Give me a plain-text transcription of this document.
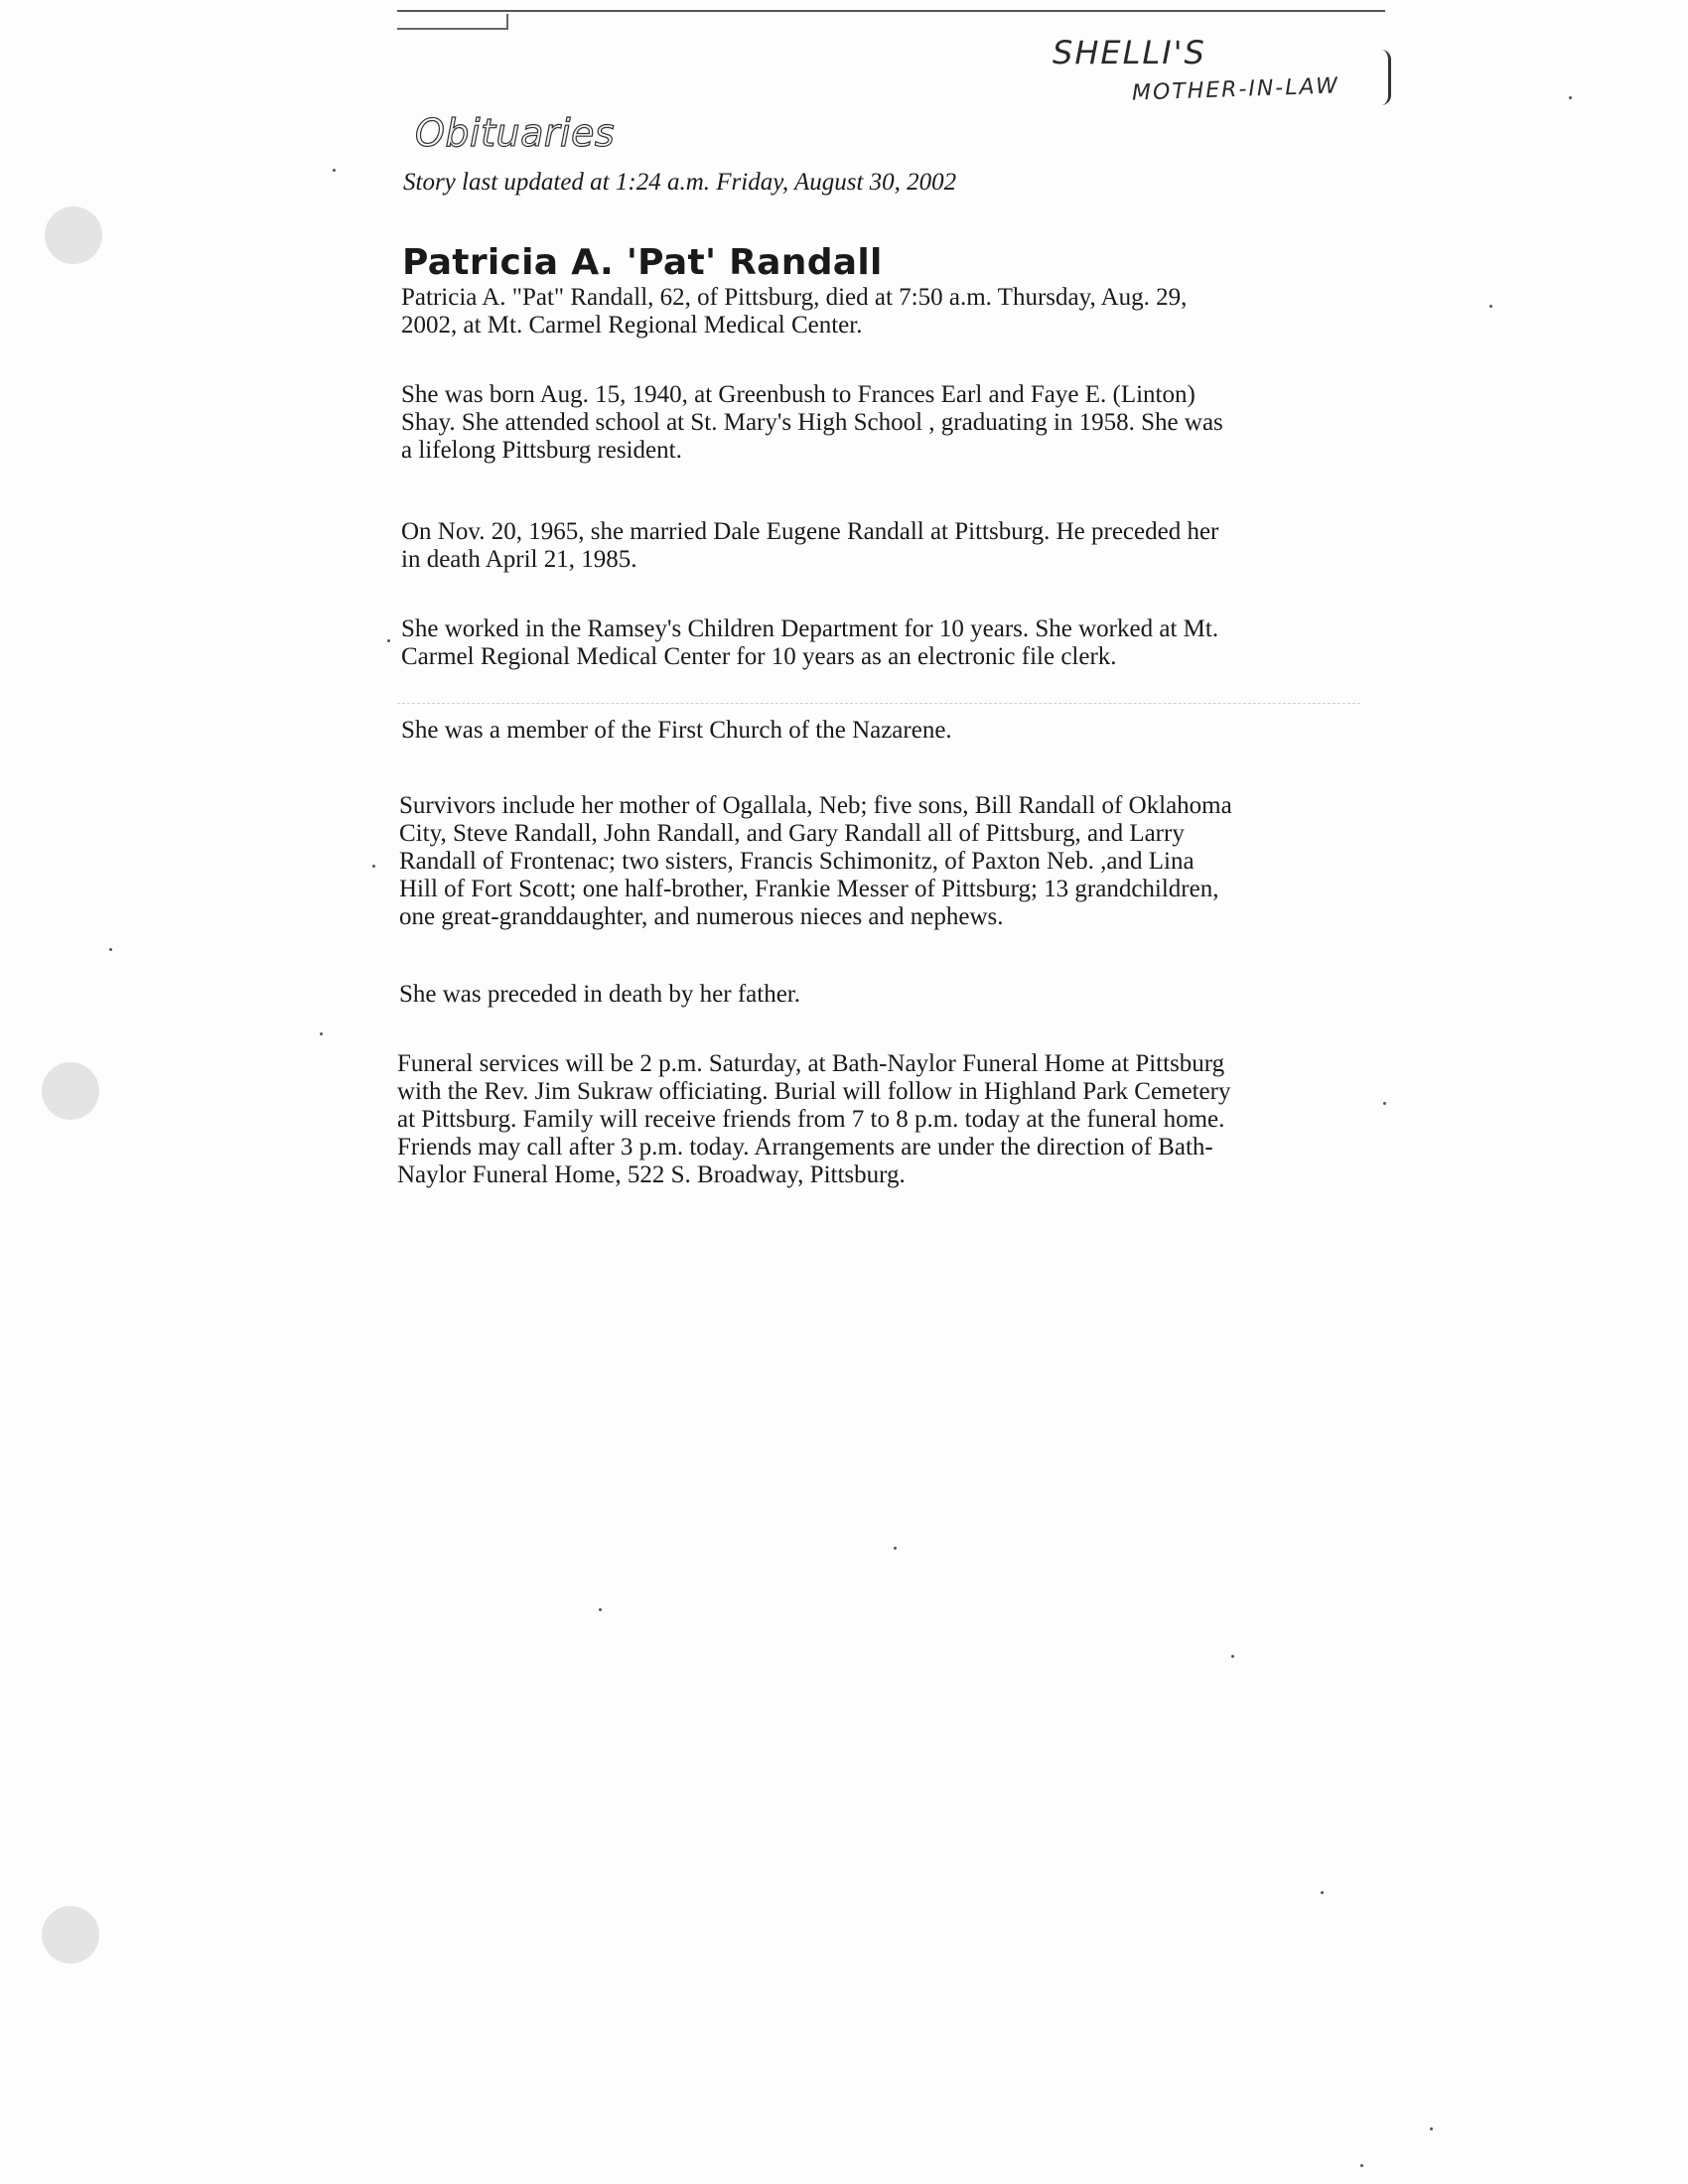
SHELLI'S
MOTHER-IN-LAW
Obituaries
Story last updated at 1:24 a.m. Friday, August 30, 2002
Patricia A. 'Pat' Randall
Patricia A. "Pat" Randall, 62, of Pittsburg, died at 7:50 a.m. Thursday, Aug. 29,
2002, at Mt. Carmel Regional Medical Center.
She was born Aug. 15, 1940, at Greenbush to Frances Earl and Faye E. (Linton)
Shay. She attended school at St. Mary's High School , graduating in 1958. She was
a lifelong Pittsburg resident.
On Nov. 20, 1965, she married Dale Eugene Randall at Pittsburg. He preceded her
in death April 21, 1985.
She worked in the Ramsey's Children Department for 10 years. She worked at Mt.
Carmel Regional Medical Center for 10 years as an electronic file clerk.
She was a member of the First Church of the Nazarene.
Survivors include her mother of Ogallala, Neb; five sons, Bill Randall of Oklahoma
City, Steve Randall, John Randall, and Gary Randall all of Pittsburg, and Larry
Randall of Frontenac; two sisters, Francis Schimonitz, of Paxton Neb. ,and Lina
Hill of Fort Scott; one half-brother, Frankie Messer of Pittsburg; 13 grandchildren,
one great-granddaughter, and numerous nieces and nephews.
She was preceded in death by her father.
Funeral services will be 2 p.m. Saturday, at Bath-Naylor Funeral Home at Pittsburg
with the Rev. Jim Sukraw officiating. Burial will follow in Highland Park Cemetery
at Pittsburg. Family will receive friends from 7 to 8 p.m. today at the funeral home.
Friends may call after 3 p.m. today. Arrangements are under the direction of Bath-
Naylor Funeral Home, 522 S. Broadway, Pittsburg.
